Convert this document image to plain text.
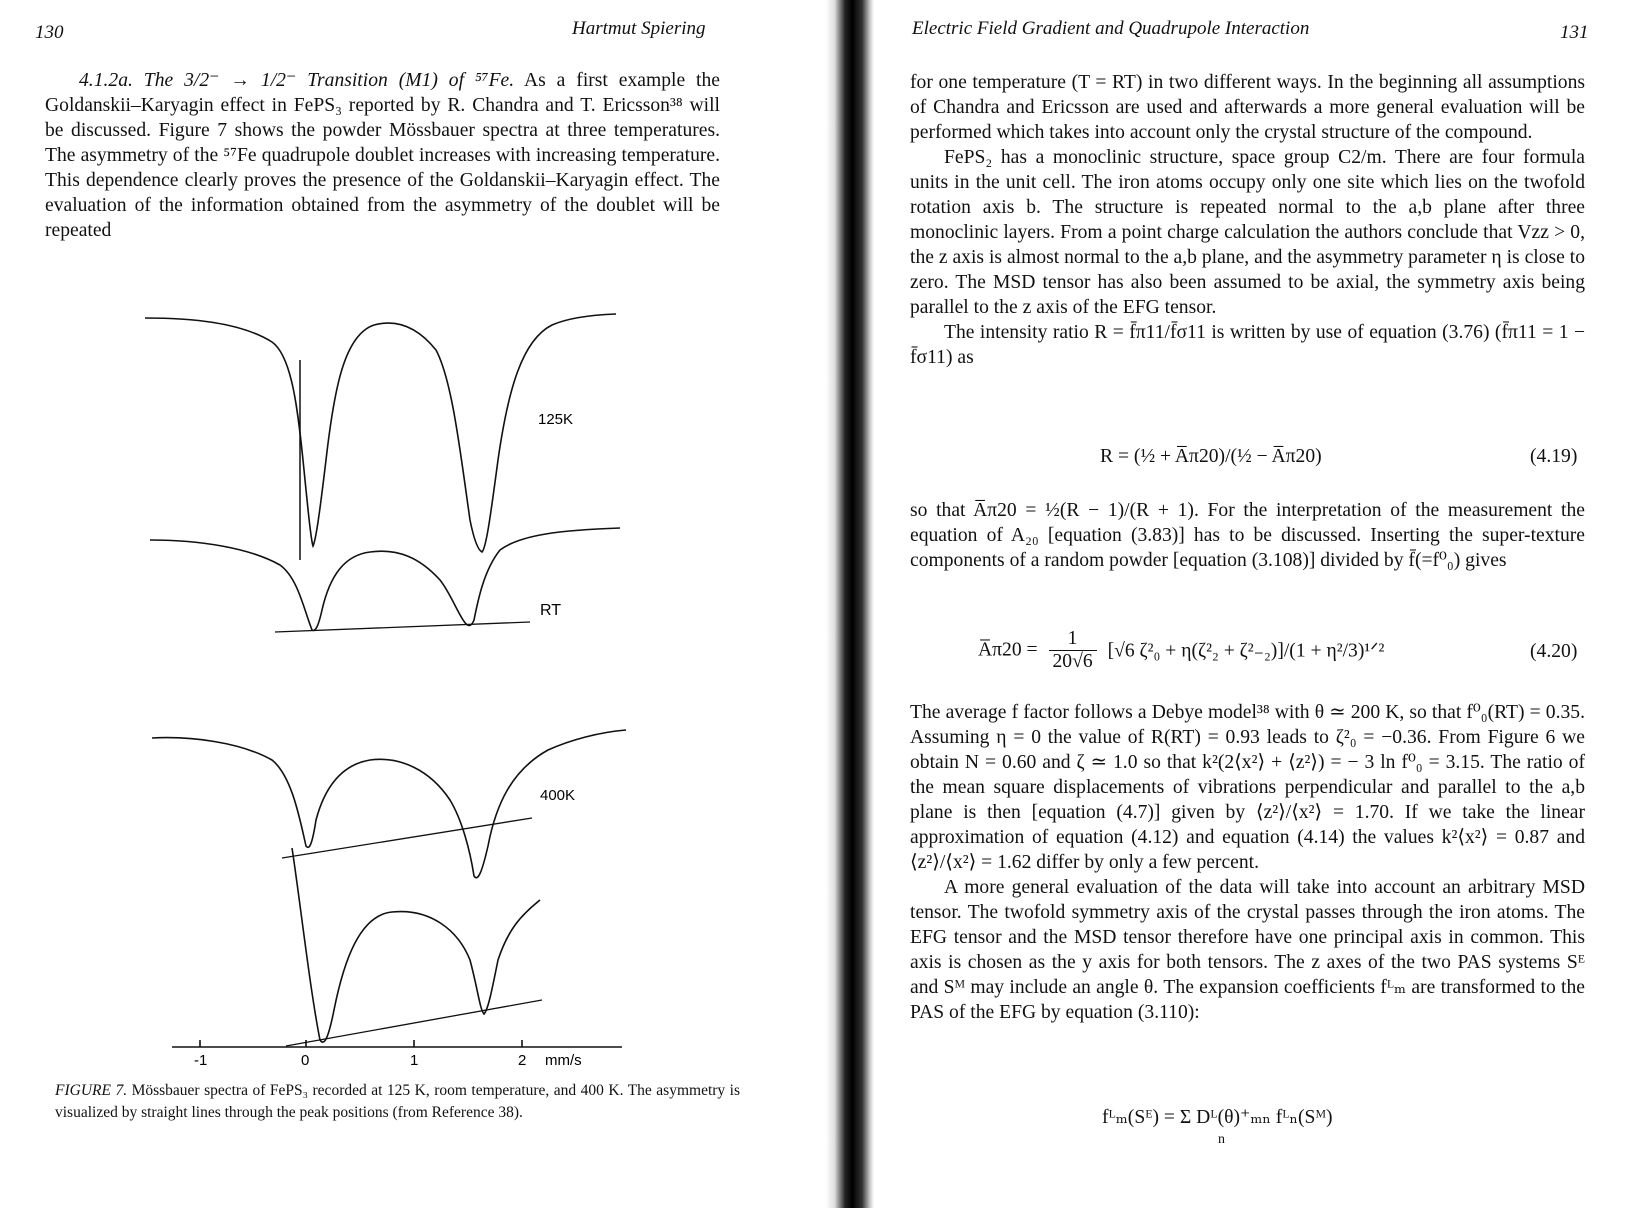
130	Hartmut Spiering
4.1.2a. The 3/2⁻ → 1/2⁻ Transition (M1) of ⁵⁷Fe. As a first example the Goldanskii–Karyagin effect in FePS₃ reported by R. Chandra and T. Ericsson³⁸ will be discussed. Figure 7 shows the powder Mössbauer spectra at three temperatures. The asymmetry of the ⁵⁷Fe quadrupole doublet increases with increasing temperature. This dependence clearly proves the presence of the Goldanskii–Karyagin effect. The evaluation of the information obtained from the asymmetry of the doublet will be repeated
125K
RT
400K
-1	0	1	2 mm/s
FIGURE 7. Mössbauer spectra of FePS₃ recorded at 125 K, room temperature, and 400 K. The asymmetry is visualized by straight lines through the peak positions (from Reference 38).
Electric Field Gradient and Quadrupole Interaction	131

for one temperature (T = RT) in two different ways. In the beginning all assumptions of Chandra and Ericsson are used and afterwards a more general evaluation will be performed which takes into account only the crystal structure of the compound.

FePS₂ has a monoclinic structure, space group C2/m. There are four formula units in the unit cell. The iron atoms occupy only one site which lies on the twofold rotation axis b. The structure is repeated normal to the a,b plane after three monoclinic layers. From a point charge calculation the authors conclude that Vzz > 0, the z axis is almost normal to the a,b plane, and the asymmetry parameter η is close to zero. The MSD tensor has also been assumed to be axial, the symmetry axis being parallel to the z axis of the EFG tensor.

The intensity ratio R = f̄π11/f̄σ11 is written by use of equation (3.76) (f̄π11 = 1 − f̄σ11) as

R = (½ + A̅π20)/(½ − A̅π20)	(4.19)
so that A̅π20 = ½(R − 1)/(R + 1). For the interpretation of the measurement the equation of A₂₀ [equation (3.83)] has to be discussed. Inserting the super-texture components of a random powder [equation (3.108)] divided by f̄(=f⁰₀) gives
A̅π20 = $\frac{1}{20√6} [√6$ ζ²₀ + η(ζ²₂ + ζ²₋₂)]/(1 + η²/3)¹ᐟ²	(4.20)

The average f factor follows a Debye model³⁸ with θ ≃ 200 K, so that f⁰₀(RT) = 0.35. Assuming η = 0 the value of R(RT) = 0.93 leads to ζ²₀ = −0.36. From Figure 6 we obtain N = 0.60 and ζ ≃ 1.0 so that k²(2⟨x²⟩ + ⟨z²⟩) = − 3 ln f⁰₀ = 3.15. The ratio of the mean square displacements of vibrations perpendicular and parallel to the a,b plane is then [equation (4.7)] given by ⟨z²⟩/⟨x²⟩ = 1.70. If we take the linear approximation of equation (4.12) and equation (4.14) the values k²⟨x²⟩ = 0.87 and ⟨z²⟩/⟨x²⟩ = 1.62 differ by only a few percent.

A more general evaluation of the data will take into account an arbitrary MSD tensor. The twofold symmetry axis of the crystal passes through the iron atoms. The EFG tensor and the MSD tensor therefore have one principal axis in common. This axis is chosen as the y axis for both tensors. The z axes of the two PAS systems Sᴱ and Sᴹ may include an angle θ. The expansion coefficients fᴸₘ are transformed to the PAS of the EFG by equation (3.110):

fᴸₘ(Sᴱ) = Σ Dᴸ(θ)⁺ₘₙ fᴸₙ(Sᴹ)
n
